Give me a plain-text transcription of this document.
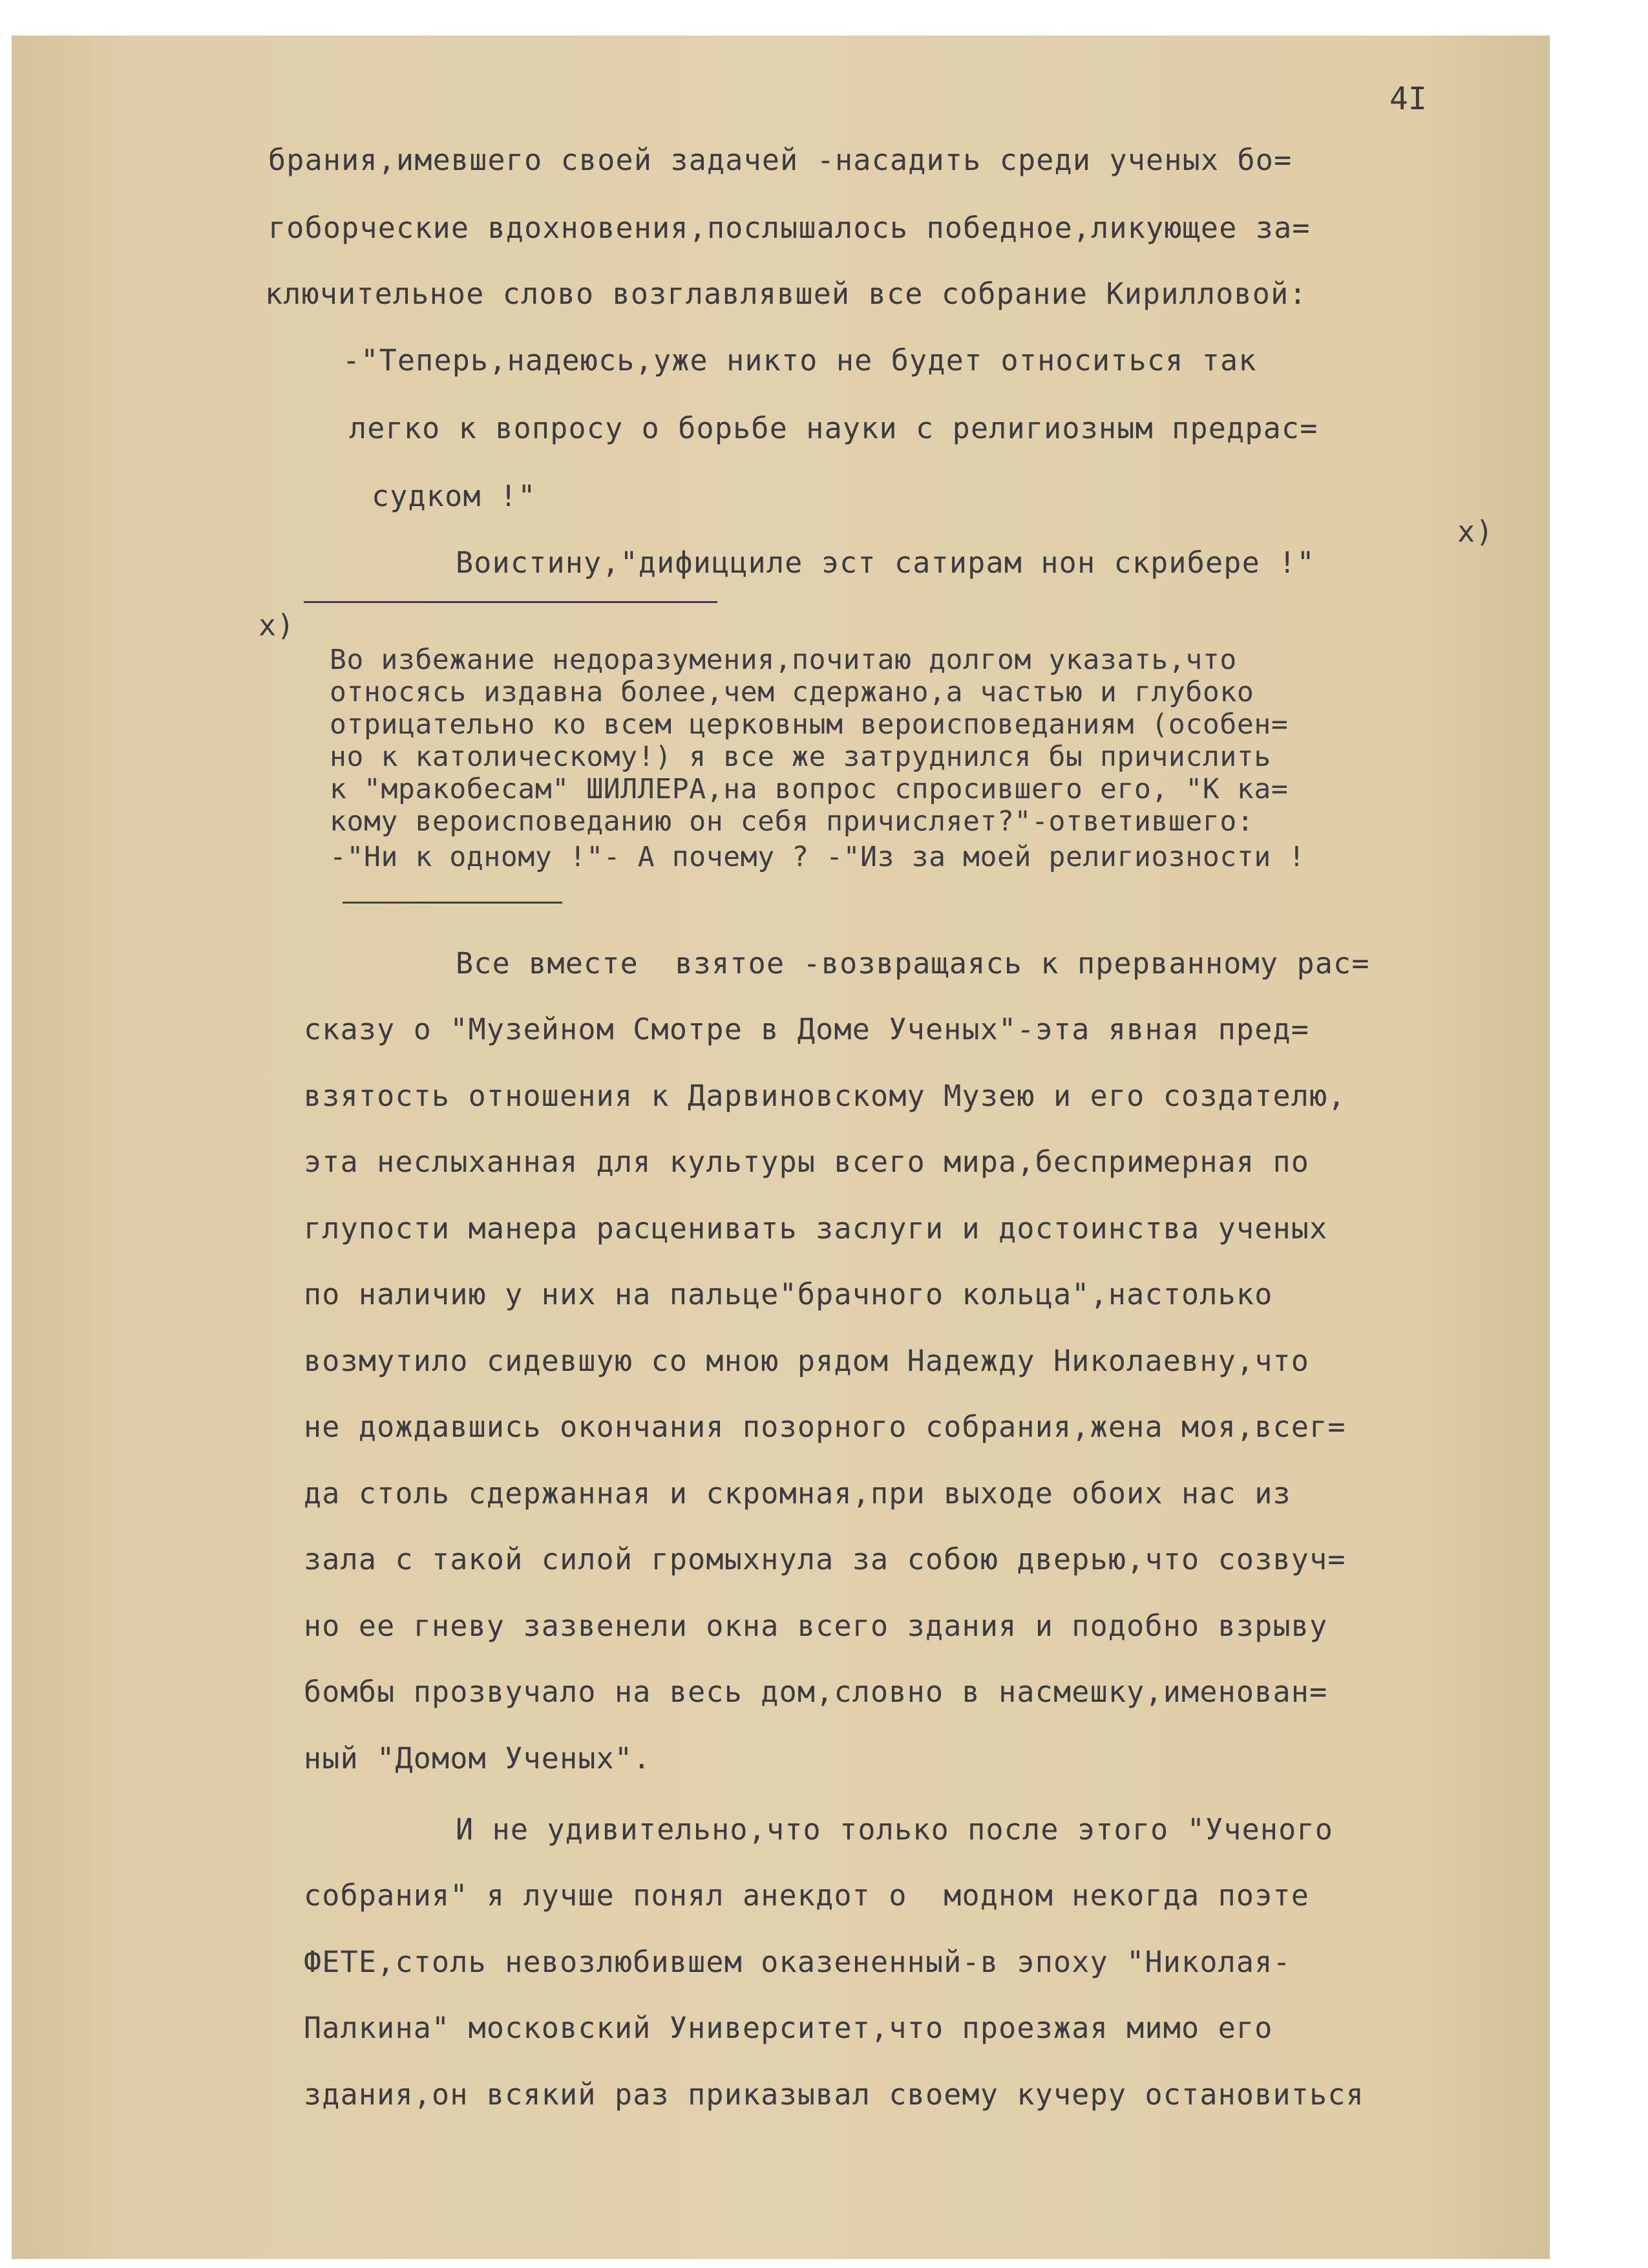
4I
брания,имевшего своей задачей -насадить среди ученых бо=
гоборческие вдохновения,послышалось победное,ликующее за=
ключительное слово возглавлявшей все собрание Кирилловой:
-"Теперь,надеюсь,уже никто не будет относиться так
легко к вопросу о борьбе науки с религиозным предрас=
судком !"
х)
Воистину,"дифицциле эст сатирам нон скрибере !"
х)
Во избежание недоразумения,почитаю долгом указать,что
относясь издавна более,чем сдержано,а частью и глубоко
отрицательно ко всем церковным вероисповеданиям (особен=
но к католическому!) я все же затруднился бы причислить
к "мракобесам" ШИЛЛЕРА,на вопрос спросившего его, "К ка=
кому вероисповеданию он себя причисляет?"-ответившего:
-"Ни к одному !"- А почему ? -"Из за моей религиозности !
Все вместе  взятое -возвращаясь к прерванному рас=
сказу о "Музейном Смотре в Доме Ученых"-эта явная пред=
взятость отношения к Дарвиновскому Музею и его создателю,
эта неслыханная для культуры всего мира,беспримерная по
глупости манера расценивать заслуги и достоинства ученых
по наличию у них на пальце"брачного кольца",настолько
возмутило сидевшую со мною рядом Надежду Николаевну,что
не дождавшись окончания позорного собрания,жена моя,всег=
да столь сдержанная и скромная,при выходе обоих нас из
зала с такой силой громыхнула за собою дверью,что созвуч=
но ее гневу зазвенели окна всего здания и подобно взрыву
бомбы прозвучало на весь дом,словно в насмешку,именован=
ный "Домом Ученых".
И не удивительно,что только после этого "Ученого
собрания" я лучше понял анекдот о  модном некогда поэте
ФЕТЕ,столь невозлюбившем оказененный-в эпоху "Николая-
Палкина" московский Университет,что проезжая мимо его
здания,он всякий раз приказывал своему кучеру остановиться
